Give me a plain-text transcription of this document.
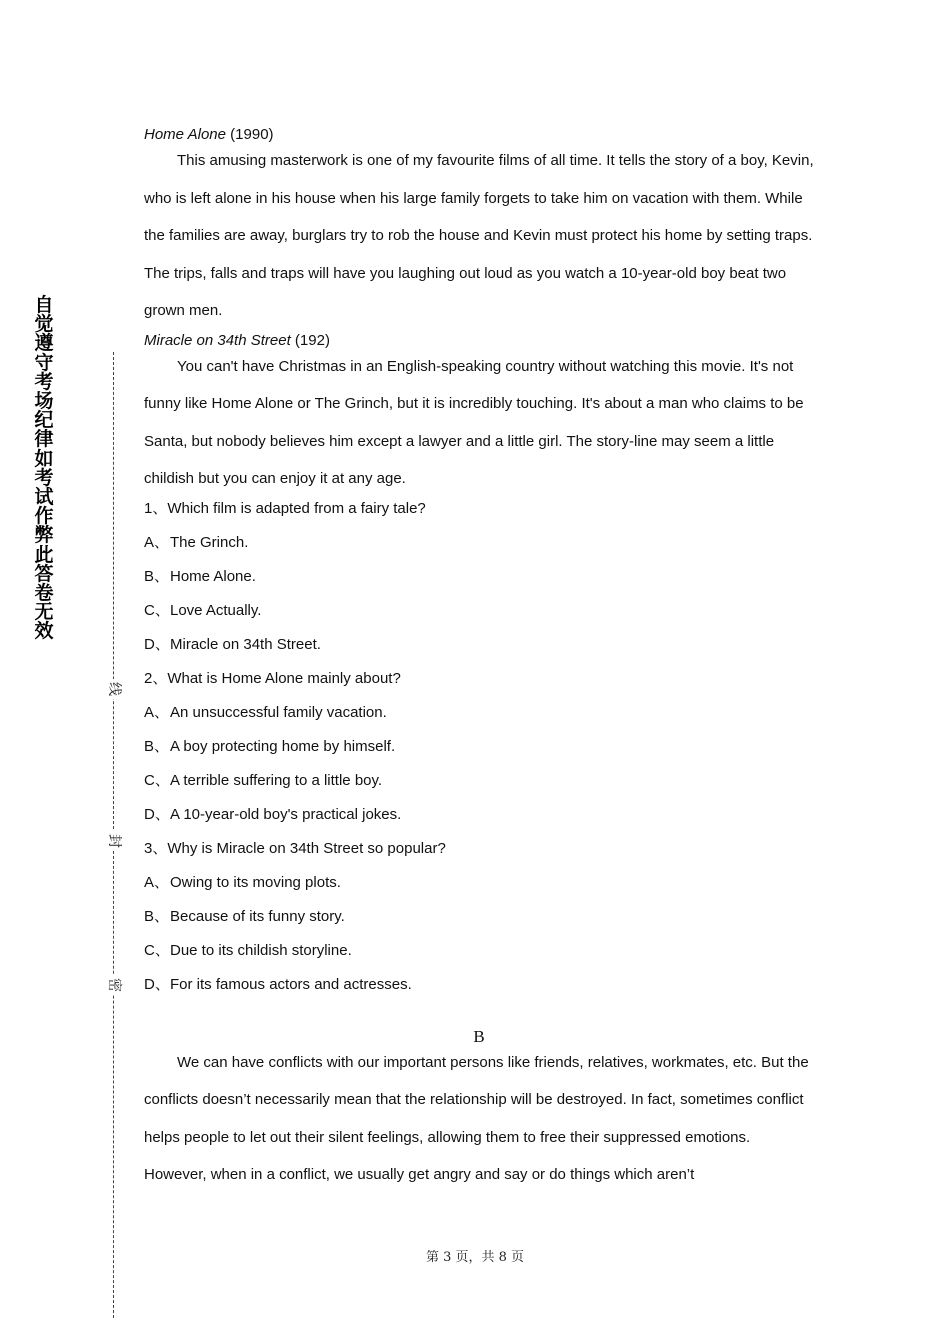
自觉遵守考场纪律如考试作弊此答卷无效
线
封
密

Home Alone (1990)

This amusing masterwork is one of my favourite films of all time. It tells the story of a boy, Kevin, who is left alone in his house when his large family forgets to take him on vacation with them. While the families are away, burglars try to rob the house and Kevin must protect his home by setting traps. The trips, falls and traps will have you laughing out loud as you watch a 10-year-old boy beat two grown men.

Miracle on 34th Street (192)

You can't have Christmas in an English-speaking country without watching this movie. It's not funny like Home Alone or The Grinch, but it is incredibly touching. It's about a man who claims to be Santa, but nobody believes him except a lawyer and a little girl. The story-line may seem a little childish but you can enjoy it at any age.

1、Which film is adapted from a fairy tale?

A、The Grinch.

B、Home Alone.

C、Love Actually.

D、Miracle on 34th Street.

2、What is Home Alone mainly about?

A、An unsuccessful family vacation.

B、A boy protecting home by himself.

C、A terrible suffering to a little boy.

D、A 10-year-old boy's practical jokes.

3、Why is Miracle on 34th Street so popular?

A、Owing to its moving plots.

B、Because of its funny story.

C、Due to its childish storyline.

D、For its famous actors and actresses.

B

We can have conflicts with our important persons like friends, relatives, workmates, etc. But the conflicts doesn’t necessarily mean that the relationship will be destroyed. In fact, sometimes conflict helps people to let out their silent feelings, allowing them to free their suppressed emotions. However, when in a conflict, we usually get angry and say or do things which aren’t

第 3 页，共 8 页
